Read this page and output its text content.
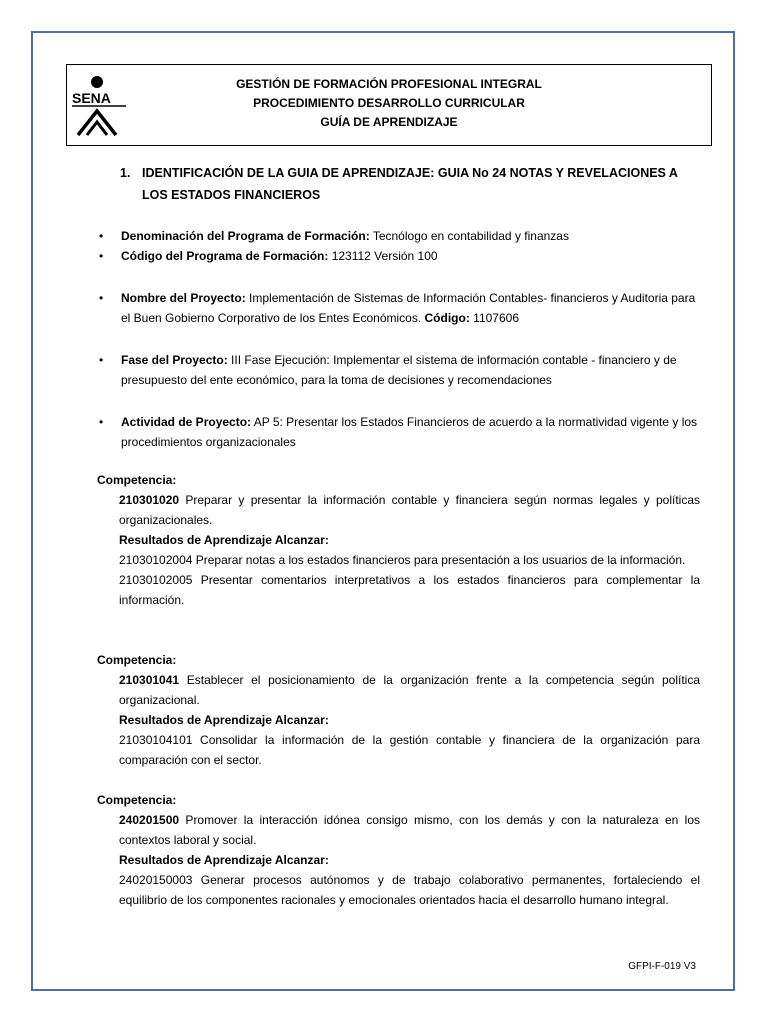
SENA
GESTIÓN DE FORMACIÓN PROFESIONAL INTEGRAL
PROCEDIMIENTO DESARROLLO CURRICULAR
GUÍA DE APRENDIZAJE
1. IDENTIFICACIÓN DE LA GUIA DE APRENDIZAJE: GUIA No 24 NOTAS Y REVELACIONES A
LOS ESTADOS FINANCIEROS
• Denominación del Programa de Formación: Tecnólogo en contabilidad y finanzas
• Código del Programa de Formación: 123112 Versión 100
• Nombre del Proyecto: Implementación de Sistemas de Información Contables- financieros y Auditoria para el Buen Gobierno Corporativo de los Entes Económicos. Código: 1107606
• Fase del Proyecto: III Fase Ejecución: Implementar el sistema de información contable - financiero y de presupuesto del ente económico, para la toma de decisiones y recomendaciones
• Actividad de Proyecto: AP 5: Presentar los Estados Financieros de acuerdo a la normatividad vigente y los procedimientos organizacionales
Competencia:
210301020 Preparar y presentar la información contable y financiera según normas legales y políticas organizacionales.
Resultados de Aprendizaje Alcanzar:
21030102004 Preparar notas a los estados financieros para presentación a los usuarios de la información.
21030102005 Presentar comentarios interpretativos a los estados financieros para complementar la información.
Competencia:
210301041 Establecer el posicionamiento de la organización frente a la competencia según política organizacional.
Resultados de Aprendizaje Alcanzar:
21030104101 Consolidar la información de la gestión contable y financiera de la organización para comparación con el sector.
Competencia:
240201500 Promover la interacción idónea consigo mismo, con los demás y con la naturaleza en los contextos laboral y social.
Resultados de Aprendizaje Alcanzar:
24020150003 Generar procesos autónomos y de trabajo colaborativo permanentes, fortaleciendo el equilibrio de los componentes racionales y emocionales orientados hacia el desarrollo humano integral.
GFPI-F-019 V3
